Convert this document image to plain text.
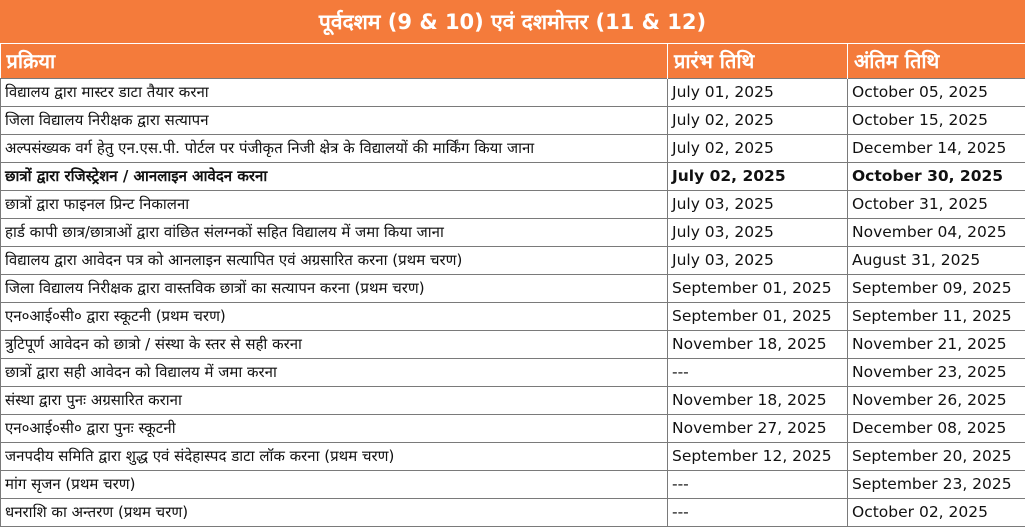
पूर्वदशम (9 & 10) एवं दशमोत्तर (11 & 12)
प्रक्रिया	प्रारंभ तिथि	अंतिम तिथि
विद्यालय द्वारा मास्टर डाटा तैयार करना	July 01, 2025	October 05, 2025
जिला विद्यालय निरीक्षक द्वारा सत्यापन	July 02, 2025	October 15, 2025
अल्पसंख्यक वर्ग हेतु एन.एस.पी. पोर्टल पर पंजीकृत निजी क्षेत्र के विद्यालयों की मार्किंग किया जाना	July 02, 2025	December 14, 2025
छात्रों द्वारा रजिस्ट्रेशन / आनलाइन आवेदन करना	July 02, 2025	October 30, 2025
छात्रों द्वारा फाइनल प्रिन्ट निकालना	July 03, 2025	October 31, 2025
हार्ड कापी छात्र/छात्राओं द्वारा वांछित संलग्नकों सहित विद्यालय में जमा किया जाना	July 03, 2025	November 04, 2025
विद्यालय द्वारा आवेदन पत्र को आनलाइन सत्यापित एवं अग्रसारित करना (प्रथम चरण)	July 03, 2025	August 31, 2025
जिला विद्यालय निरीक्षक द्वारा वास्तविक छात्रों का सत्यापन करना (प्रथम चरण)	September 01, 2025	September 09, 2025
एन०आई०सी० द्वारा स्कूटनी (प्रथम चरण)	September 01, 2025	September 11, 2025
त्रुटिपूर्ण आवेदन को छात्रो / संस्था के स्तर से सही करना	November 18, 2025	November 21, 2025
छात्रों द्वारा सही आवेदन को विद्यालय में जमा करना	---	November 23, 2025
संस्था द्वारा पुनः अग्रसारित कराना	November 18, 2025	November 26, 2025
एन०आई०सी० द्वारा पुनः स्कूटनी	November 27, 2025	December 08, 2025
जनपदीय समिति द्वारा शुद्ध एवं संदेहास्पद डाटा लॉक करना (प्रथम चरण)	September 12, 2025	September 20, 2025
मांग सृजन (प्रथम चरण)	---	September 23, 2025
धनराशि का अन्तरण (प्रथम चरण)	---	October 02, 2025
